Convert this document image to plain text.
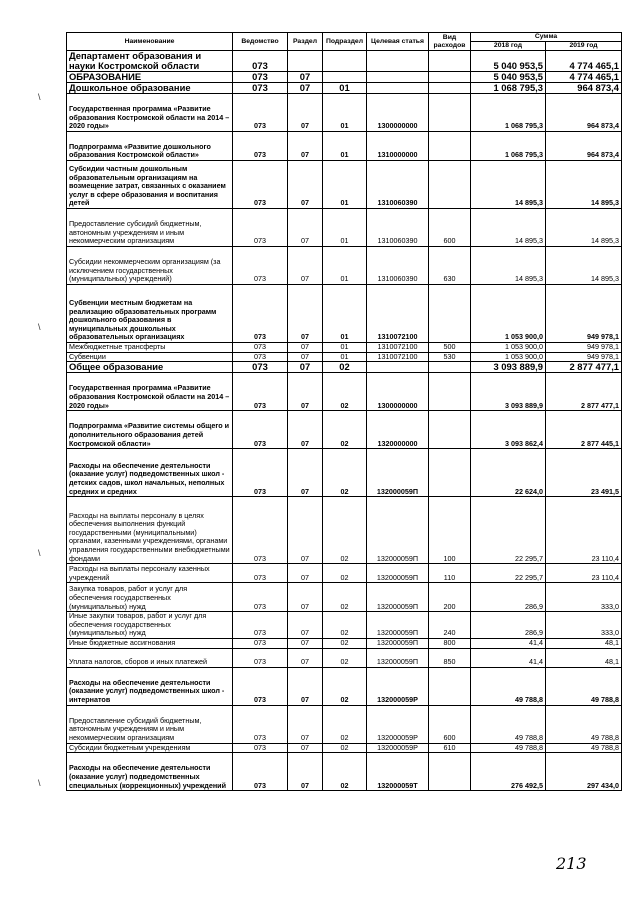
Наименование	Ведомство	Раздел	Подраздел	Целевая статья	Вид расходов	Сумма	
						2018 год	2019 год
Департамент образования и науки Костромской области	073					5 040 953,5	4 774 465,1
ОБРАЗОВАНИЕ	073	07				5 040 953,5	4 774 465,1
Дошкольное образование	073	07	01			1 068 795,3	964 873,4
Государственная программа «Развитие образования Костромской области на 2014 – 2020 годы»	073	07	01	1300000000		1 068 795,3	964 873,4
Подпрограмма «Развитие дошкольного образования Костромской области»	073	07	01	1310000000		1 068 795,3	964 873,4
Субсидии частным дошкольным образовательным организациям на возмещение затрат, связанных с оказанием услуг в сфере образования и воспитания детей	073	07	01	1310060390		14 895,3	14 895,3
Предоставление субсидий бюджетным, автономным учреждениям и иным некоммерческим организациям	073	07	01	1310060390	600	14 895,3	14 895,3
Субсидии некоммерческим организациям (за исключением государственных (муниципальных) учреждений)	073	07	01	1310060390	630	14 895,3	14 895,3
Субвенции местным бюджетам на реализацию образовательных программ дошкольного образования в муниципальных дошкольных образовательных организациях	073	07	01	1310072100		1 053 900,0	949 978,1
Межбюджетные трансферты	073	07	01	1310072100	500	1 053 900,0	949 978,1
Субвенции	073	07	01	1310072100	530	1 053 900,0	949 978,1
Общее образование	073	07	02			3 093 889,9	2 877 477,1
Государственная программа «Развитие образования Костромской области на 2014 – 2020 годы»	073	07	02	1300000000		3 093 889,9	2 877 477,1
Подпрограмма «Развитие системы общего и дополнительного образования детей Костромской области»	073	07	02	1320000000		3 093 862,4	2 877 445,1
Расходы на обеспечение деятельности (оказание услуг) подведомственных школ - детских садов, школ начальных, неполных средних и средних	073	07	02	132000059П		22 624,0	23 491,5
Расходы на выплаты персоналу в целях обеспечения выполнения функций государственными (муниципальными) органами, казенными учреждениями, органами управления государственными внебюджетными фондами	073	07	02	132000059П	100	22 295,7	23 110,4
Расходы на выплаты персоналу казенных учреждений	073	07	02	132000059П	110	22 295,7	23 110,4
Закупка товаров, работ и услуг для обеспечения государственных (муниципальных) нужд	073	07	02	132000059П	200	286,9	333,0
Иные закупки товаров, работ и услуг для обеспечения государственных (муниципальных) нужд	073	07	02	132000059П	240	286,9	333,0
Иные бюджетные ассигнования	073	07	02	132000059П	800	41,4	48,1
Уплата налогов, сборов и иных платежей	073	07	02	132000059П	850	41,4	48,1
Расходы на обеспечение деятельности (оказание услуг) подведомственных школ - интернатов	073	07	02	132000059Р		49 788,8	49 788,8
Предоставление субсидий бюджетным, автономным учреждениям и иным некоммерческим организациям	073	07	02	132000059Р	600	49 788,8	49 788,8
Субсидии бюджетным учреждениям	073	07	02	132000059Р	610	49 788,8	49 788,8
Расходы на обеспечение деятельности (оказание услуг) подведомственных специальных (коррекционных) учреждений	073	07	02	132000059Т		276 492,5	297 434,0
\
\
\
\
213
